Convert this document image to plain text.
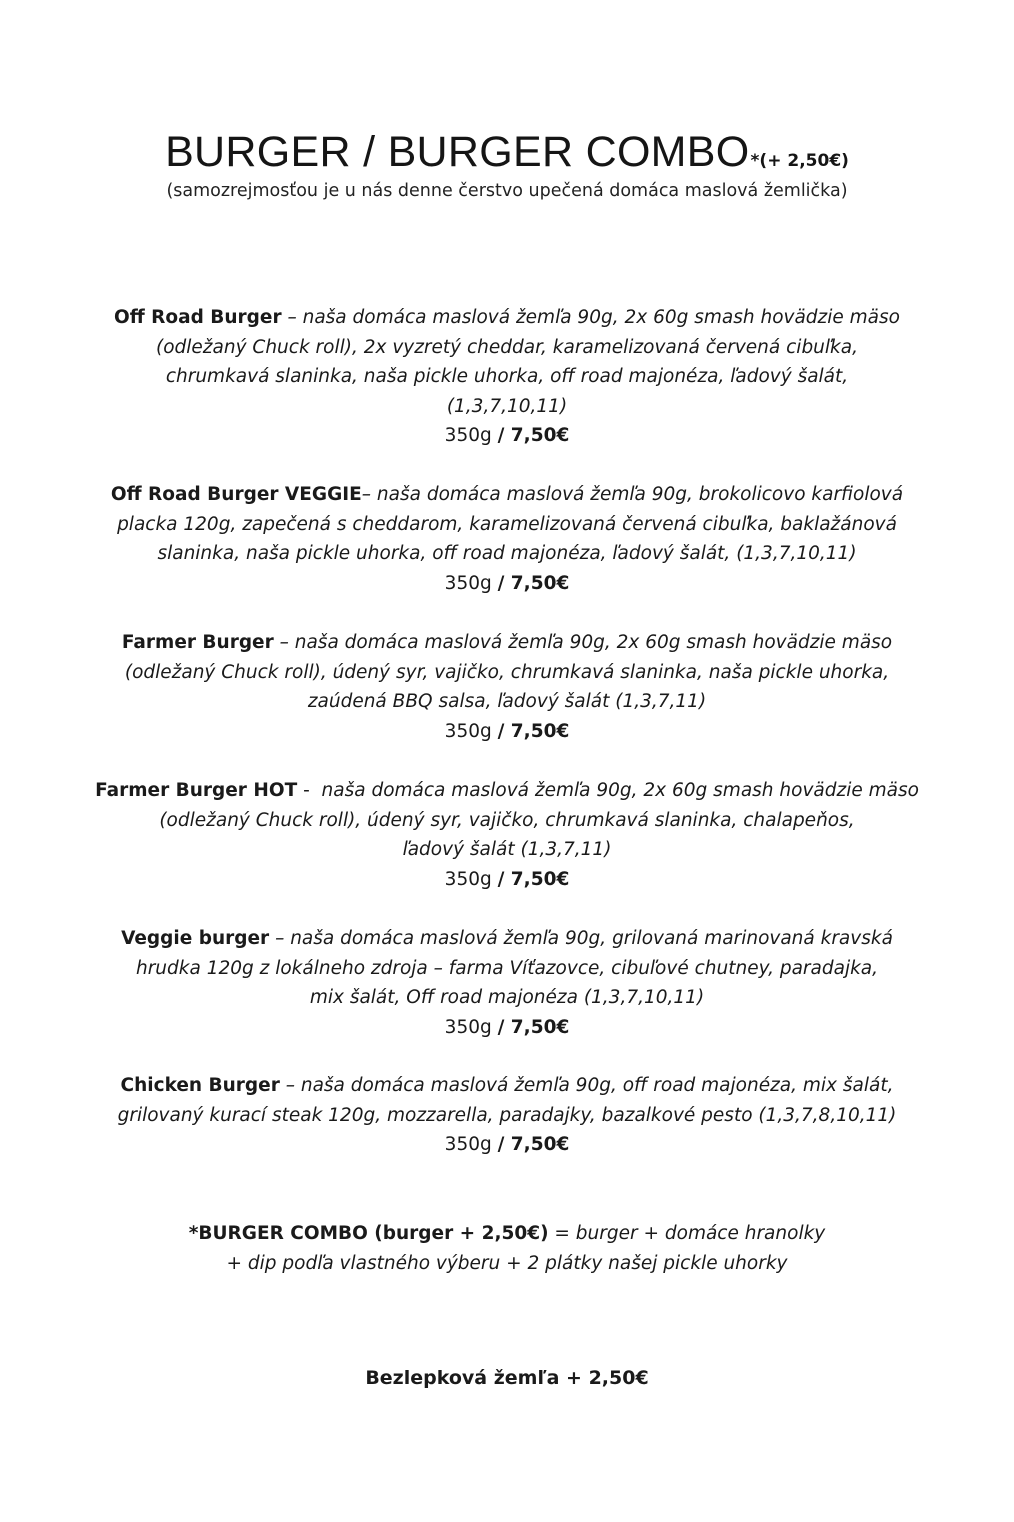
BURGER / BURGER COMBO*(+ 2,50€)
(samozrejmosťou je u nás denne čerstvo upečená domáca maslová žemlička)
Off Road Burger – naša domáca maslová žemľa 90g, 2x 60g smash hovädzie mäso
(odležaný Chuck roll), 2x vyzretý cheddar, karamelizovaná červená cibuľka,
chrumkavá slaninka, naša pickle uhorka, off road majonéza, ľadový šalát,
(1,3,7,10,11)
350g / 7,50€
Off Road Burger VEGGIE– naša domáca maslová žemľa 90g, brokolicovo karfiolová
placka 120g, zapečená s cheddarom, karamelizovaná červená cibuľka, baklažánová
slaninka, naša pickle uhorka, off road majonéza, ľadový šalát, (1,3,7,10,11)
350g / 7,50€
Farmer Burger – naša domáca maslová žemľa 90g, 2x 60g smash hovädzie mäso
(odležaný Chuck roll), údený syr, vajičko, chrumkavá slaninka, naša pickle uhorka,
zaúdená BBQ salsa, ľadový šalát (1,3,7,11)
350g / 7,50€
Farmer Burger HOT -  naša domáca maslová žemľa 90g, 2x 60g smash hovädzie mäso
(odležaný Chuck roll), údený syr, vajičko, chrumkavá slaninka, chalapeňos,
ľadový šalát (1,3,7,11)
350g / 7,50€
Veggie burger – naša domáca maslová žemľa 90g, grilovaná marinovaná kravská
hrudka 120g z lokálneho zdroja – farma Víťazovce, cibuľové chutney, paradajka,
mix šalát, Off road majonéza (1,3,7,10,11)
350g / 7,50€
Chicken Burger – naša domáca maslová žemľa 90g, off road majonéza, mix šalát,
grilovaný kurací steak 120g, mozzarella, paradajky, bazalkové pesto (1,3,7,8,10,11)
350g / 7,50€
*BURGER COMBO (burger + 2,50€) = burger + domáce hranolky
+ dip podľa vlastného výberu + 2 plátky našej pickle uhorky
Bezlepková žemľa + 2,50€
